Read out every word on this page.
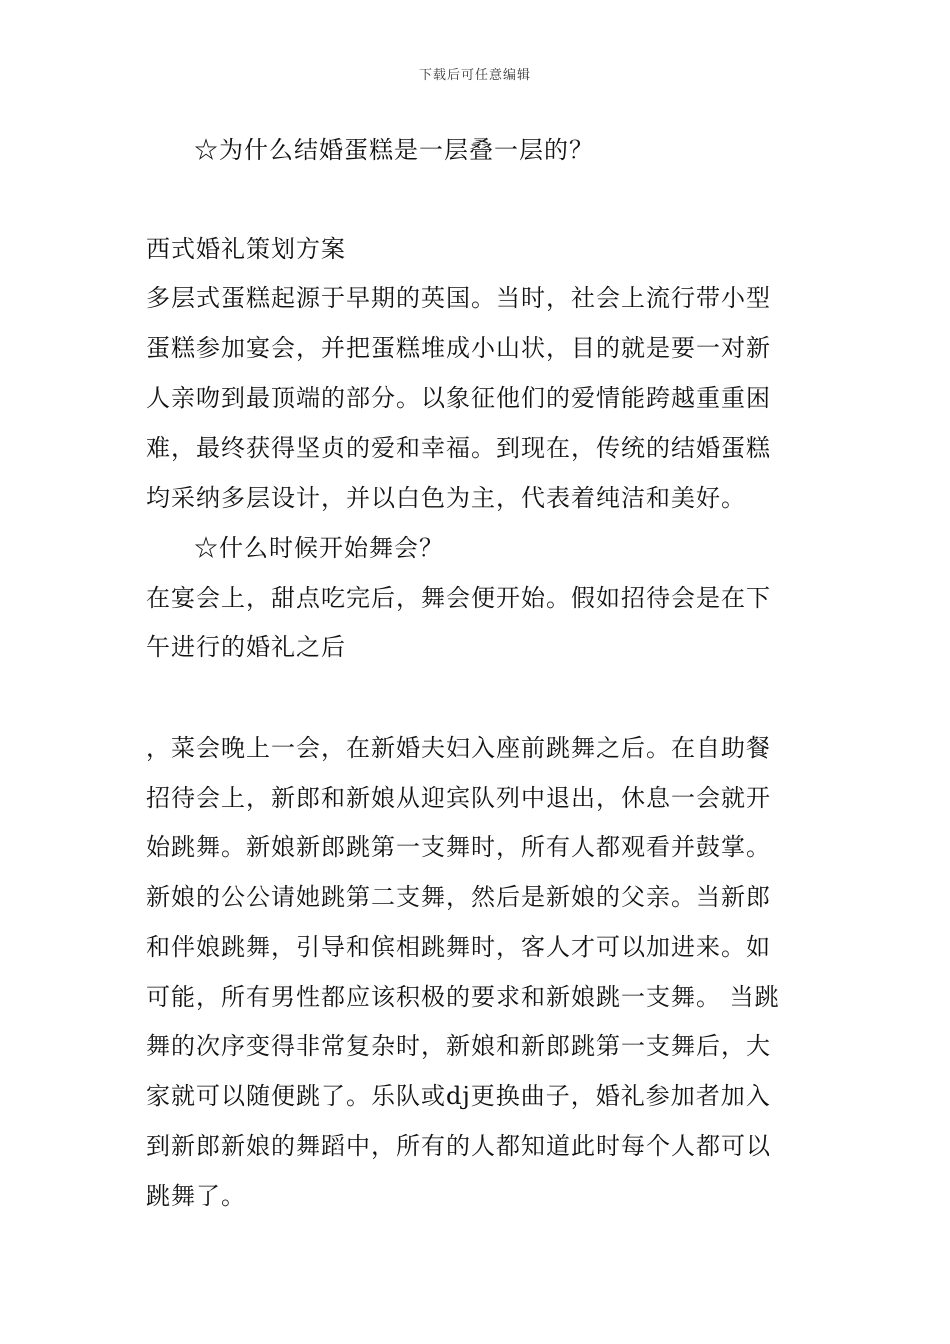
下载后可任意编辑
☆为什么结婚蛋糕是一层叠一层的？
西式婚礼策划方案
多层式蛋糕起源于早期的英国。当时，社会上流行带小型
蛋糕参加宴会，并把蛋糕堆成小山状，目的就是要一对新
人亲吻到最顶端的部分。以象征他们的爱情能跨越重重困
难，最终获得坚贞的爱和幸福。到现在，传统的结婚蛋糕
均采纳多层设计，并以白色为主，代表着纯洁和美好。
☆什么时候开始舞会？
在宴会上，甜点吃完后，舞会便开始。假如招待会是在下
午进行的婚礼之后
，菜会晚上一会，在新婚夫妇入座前跳舞之后。在自助餐
招待会上，新郎和新娘从迎宾队列中退出，休息一会就开
始跳舞。新娘新郎跳第一支舞时，所有人都观看并鼓掌。
新娘的公公请她跳第二支舞，然后是新娘的父亲。当新郎
和伴娘跳舞，引导和傧相跳舞时，客人才可以加进来。如
可能，所有男性都应该积极的要求和新娘跳一支舞。 当跳
舞的次序变得非常复杂时，新娘和新郎跳第一支舞后，大
家就可以随便跳了。乐队或dj更换曲子，婚礼参加者加入
到新郎新娘的舞蹈中，所有的人都知道此时每个人都可以
跳舞了。
